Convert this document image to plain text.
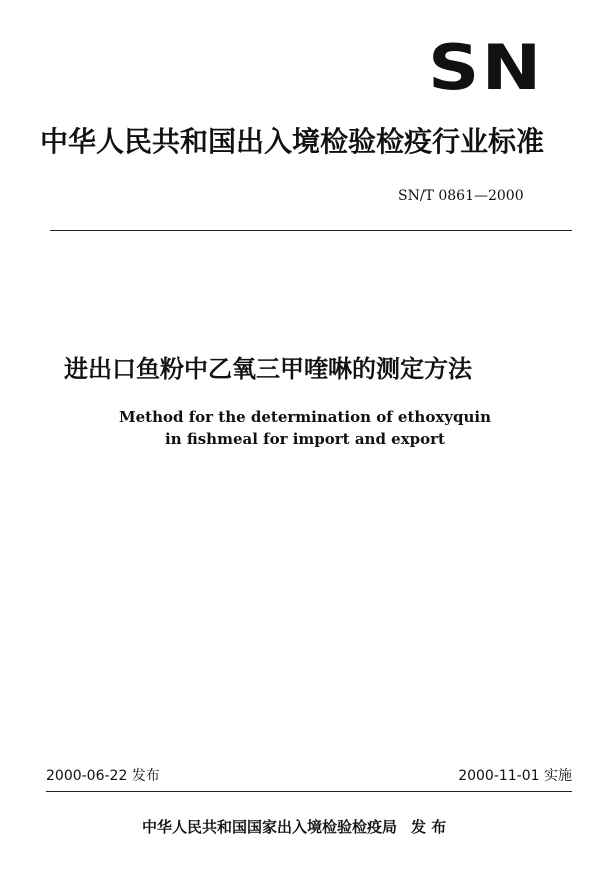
SN
中华人民共和国出入境检验检疫行业标准
SN/T 0861—2000
进出口鱼粉中乙氧三甲喹啉的测定方法
Method for the determination of ethoxyquin
in fishmeal for import and export
2000-06-22 发布	2000-11-01 实施
中华人民共和国国家出入境检验检疫局 发 布
